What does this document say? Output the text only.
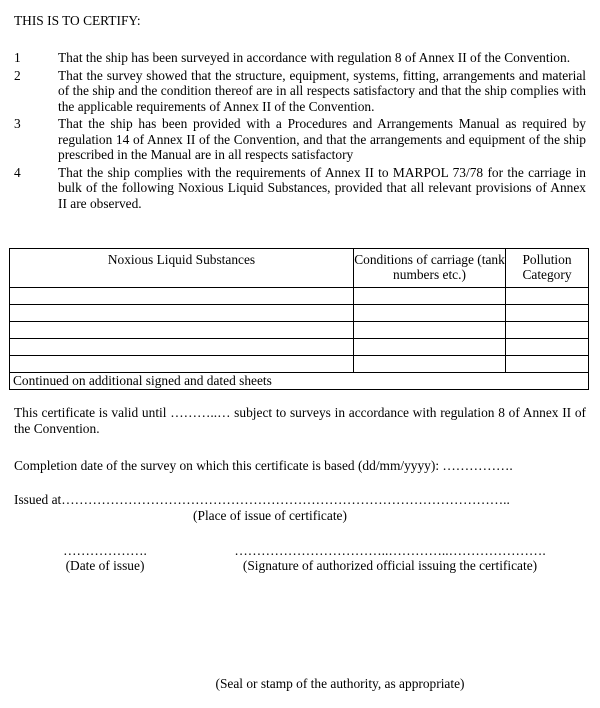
THIS IS TO CERTIFY:
1	That the ship has been surveyed in accordance with regulation 8 of Annex II of the Convention.
2	That the survey showed that the structure, equipment, systems, fitting, arrangements and material of the ship and the condition thereof are in all respects satisfactory and that the ship complies with the applicable requirements of Annex II of the Convention.
3	That the ship has been provided with a Procedures and Arrangements Manual as required by regulation 14 of Annex II of the Convention, and that the arrangements and equipment of the ship prescribed in the Manual are in all respects satisfactory
4	That the ship complies with the requirements of Annex II to MARPOL 73/78 for the carriage in bulk of the following Noxious Liquid Substances, provided that all relevant provisions of Annex II are observed.
Noxious Liquid Substances	Conditions of carriage (tank numbers etc.)	Pollution Category

Continued on additional signed and dated sheets		
This certificate is valid until ………..… subject to surveys in accordance with regulation 8 of Annex II of the Convention.
Completion date of the survey on which this certificate is based (dd/mm/yyyy): …………….
Issued at………………………………………………………………………………………..
(Place of issue of certificate)
……………….
(Date of issue)
……………………………..…………..………………….
(Signature of authorized official issuing the certificate)
(Seal or stamp of the authority, as appropriate)
